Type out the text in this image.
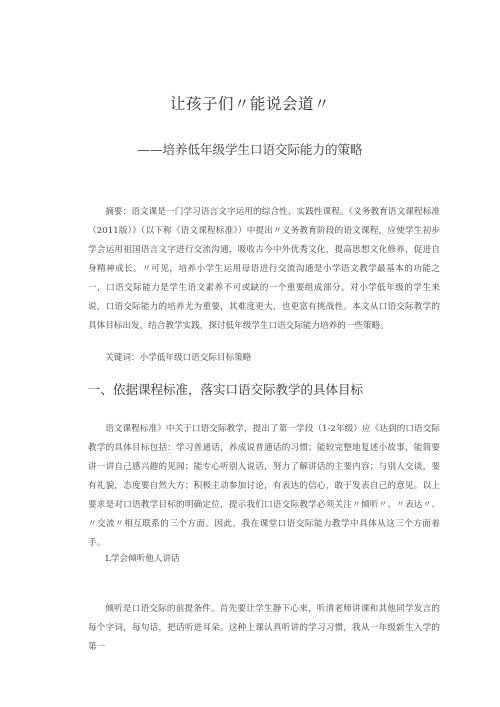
让孩子们〃能说会道〃
——培养低年级学生口语交际能力的策略
摘要：语文课是一门学习语言文字运用的综合性、实践性课程。《义务教育语文课程标准（2011版）》（以下称《语文课程标准》）中提出〃义务教育阶段的语文课程，应使学生初步学会运用祖国语言文字进行交流沟通，吸收古今中外优秀文化，提高思想文化修养，促进自身精神成长。〃可见，培养小学生运用母语进行交流沟通是小学语文教学最基本的功能之一，口语交际能力是学生语文素养不可或缺的一个重要组成部分。对小学低年级的学生来说，口语交际能力的培养尤为重要，其难度更大，也更富有挑战性。本文从口语交际教学的具体目标出发，结合教学实践，探讨低年级学生口语交际能力培养的一些策略。
关键词：小学低年级口语交际目标策略
一、依据课程标准，落实口语交际教学的具体目标
语文课程标准》中关于口语交际教学，提出了第一学段（1-2年级）应《达到的口语交际教学的具体目标包括：学习普通话，养成说普通话的习惯；能较完整地复述小故事，能简要讲一讲自己感兴趣的见闻；能专心听别人说话，努力了解讲话的主要内容；与别人交谈，要有礼貌，态度要自然大方；积极主动参加讨论，有表达的信心，敢于发表自己的意见。以上要求是对口语教学目标的明确定位，提示我们口语交际教学必须关注〃倾听〃、〃表达〃、〃交流〃相互联系的三个方面。因此，我在课堂口语交际能力教学中具体从这三个方面着手。
L学会倾听他人讲话
倾听是口语交际的前提条件。首先要让学生静下心来，听清老师讲课和其他同学发言的每个字词，每句话，把话听进耳朵。这种上课认真听讲的学习习惯，我从一年级新生入学的第一
